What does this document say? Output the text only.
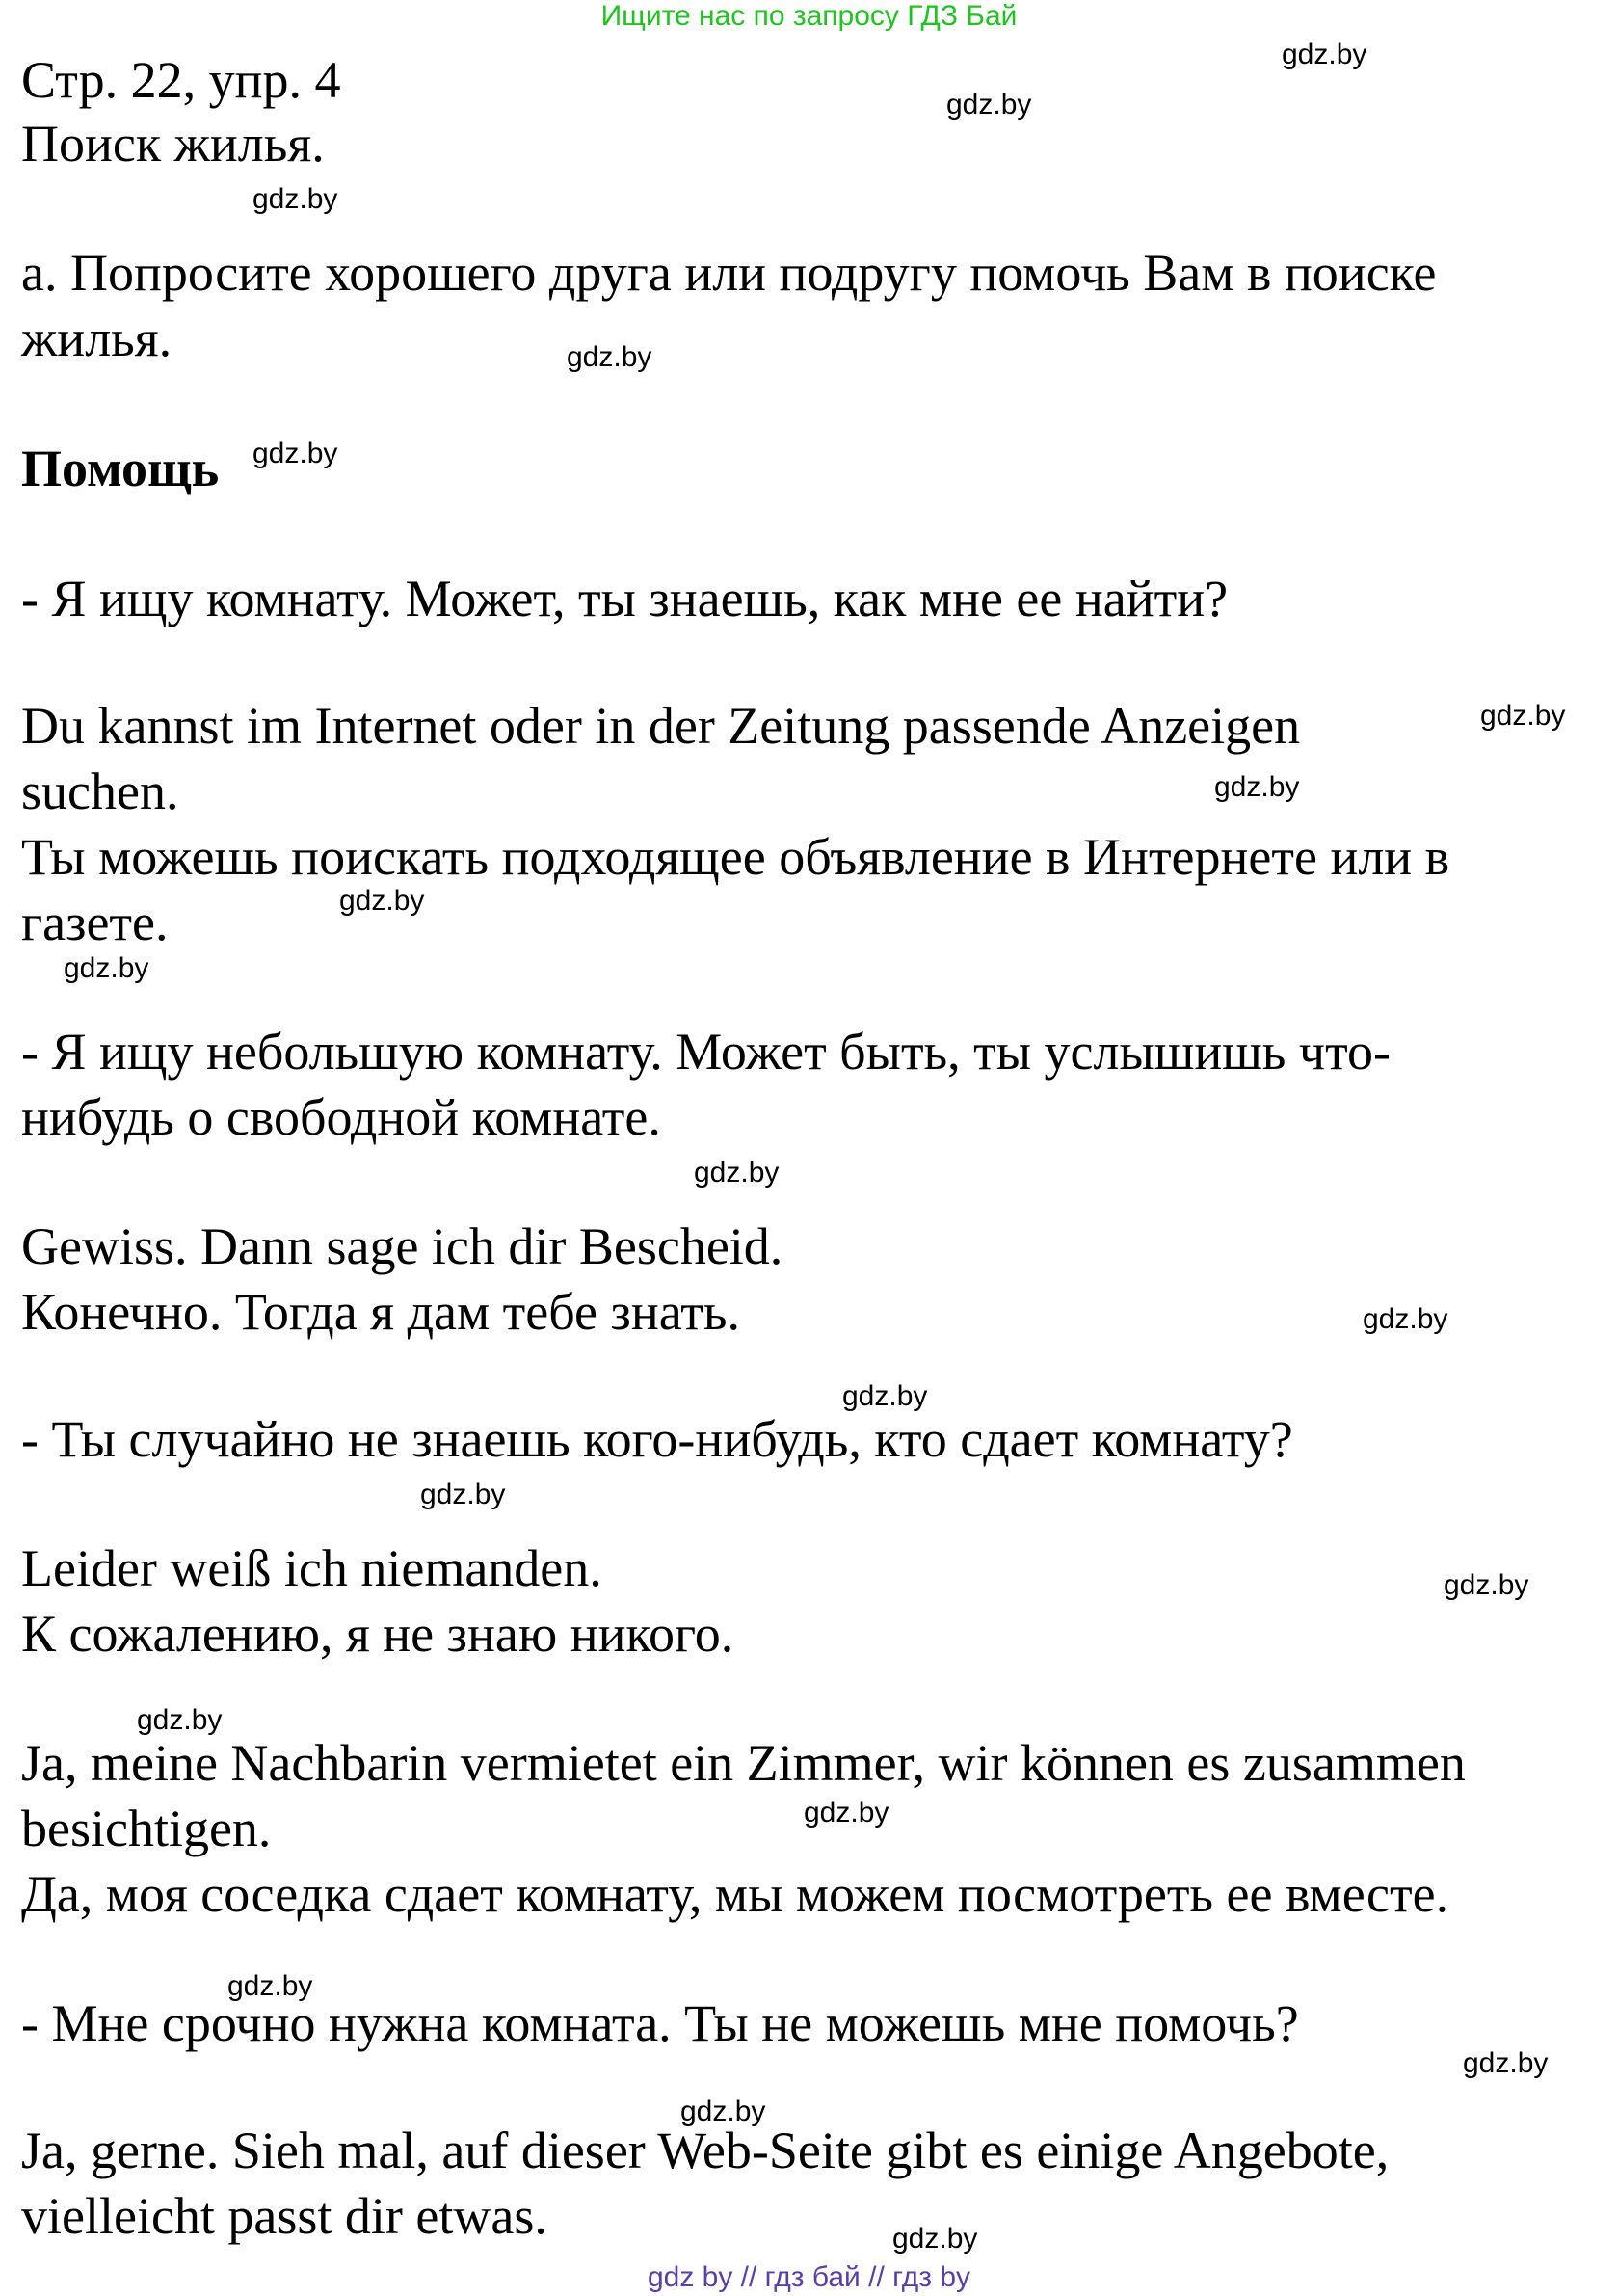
Ищите нас по запросу ГДЗ Бай
Стр. 22, упр. 4
Поиск жилья.
a. Попросите хорошего друга или подругу помочь Вам в поиске
жилья.
Помощь
- Я ищу комнату. Может, ты знаешь, как мне ее найти?
Du kannst im Internet oder in der Zeitung passende Anzeigen
suchen.
Ты можешь поискать подходящее объявление в Интернете или в
газете.
- Я ищу небольшую комнату. Может быть, ты услышишь что-
нибудь о свободной комнате.
Gewiss. Dann sage ich dir Bescheid.
Конечно. Тогда я дам тебе знать.
- Ты случайно не знаешь кого-нибудь, кто сдает комнату?
Leider weiß ich niemanden.
К сожалению, я не знаю никого.
Ja, meine Nachbarin vermietet ein Zimmer, wir können es zusammen
besichtigen.
Да, моя соседка сдает комнату, мы можем посмотреть ее вместе.
- Мне срочно нужна комната. Ты не можешь мне помочь?
Ja, gerne. Sieh mal, auf dieser Web-Seite gibt es einige Angebote,
vielleicht passt dir etwas.
gdz.by
gdz.by
gdz.by
gdz.by
gdz.by
gdz.by
gdz.by
gdz.by
gdz.by
gdz.by
gdz.by
gdz.by
gdz.by
gdz.by
gdz.by
gdz.by
gdz.by
gdz.by
gdz.by
gdz.by
gdz by // гдз бай // гдз by
